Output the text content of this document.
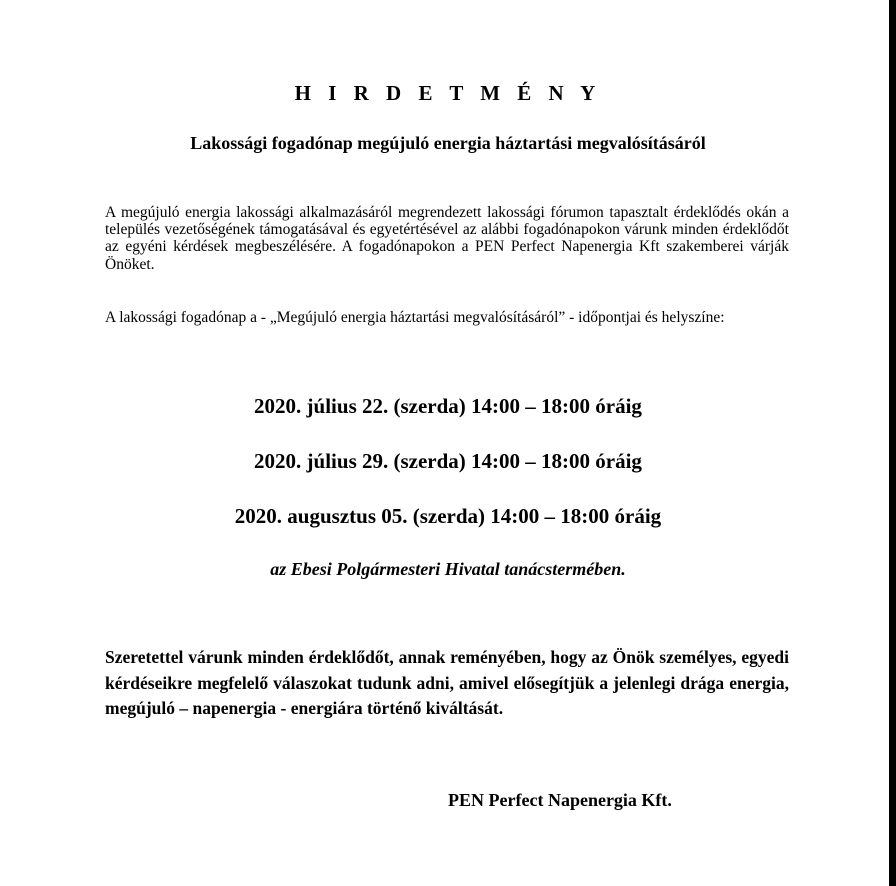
H I R D E T M É N Y
Lakossági fogadónap megújuló energia háztartási megvalósításáról

A megújuló energia lakossági alkalmazásáról megrendezett lakossági fórumon tapasztalt érdeklődés okán a település vezetőségének támogatásával és egyetértésével az alábbi fogadónapokon várunk minden érdeklődőt az egyéni kérdések megbeszélésére. A fogadónapokon a PEN Perfect Napenergia Kft szakemberei várják Önöket.

A lakossági fogadónap a - „Megújuló energia háztartási megvalósításáról” - időpontjai és helyszíne:

2020. július 22. (szerda) 14:00 – 18:00 óráig
2020. július 29. (szerda) 14:00 – 18:00 óráig
2020. augusztus 05. (szerda) 14:00 – 18:00 óráig
az Ebesi Polgármesteri Hivatal tanácstermében.

Szeretettel várunk minden érdeklődőt, annak reményében, hogy az Önök személyes, egyedi kérdéseikre megfelelő válaszokat tudunk adni, amivel elősegítjük a jelenlegi drága energia, megújuló – napenergia - energiára történő kiváltását.

PEN Perfect Napenergia Kft.
